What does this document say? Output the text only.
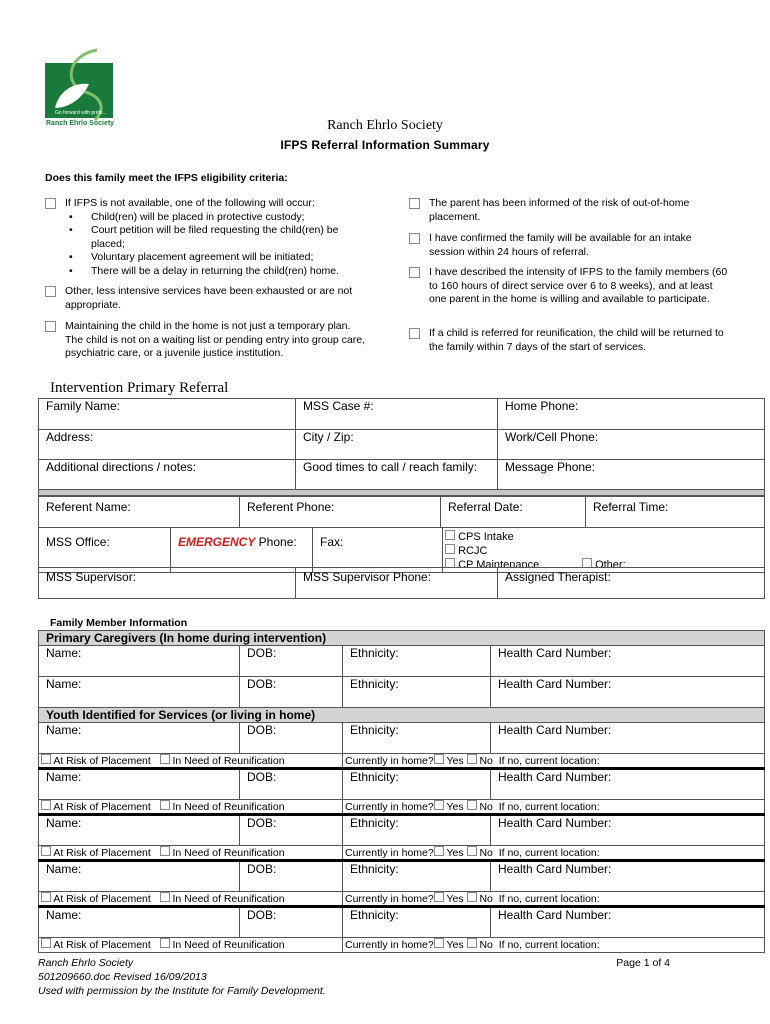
Go forward with pride...
Ranch Ehrlo Society	Ranch Ehrlo Society
IFPS Referral Information Summary
Does this family meet the IFPS eligibility criteria:
If IFPS is not available, one of the following will occur:
• Child(ren) will be placed in protective custody;
• Court petition will be filed requesting the child(ren) be placed;
• Voluntary placement agreement will be initiated;
• There will be a delay in returning the child(ren) home.
Other, less intensive services have been exhausted or are not appropriate.
Maintaining the child in the home is not just a temporary plan. The child is not on a waiting list or pending entry into group care, psychiatric care, or a juvenile justice institution.
The parent has been informed of the risk of out-of-home placement.
I have confirmed the family will be available for an intake session within 24 hours of referral.
I have described the intensity of IFPS to the family members (60 to 160 hours of direct service over 6 to 8 weeks), and at least one parent in the home is willing and available to participate.
If a child is referred for reunification, the child will be returned to the family within 7 days of the start of services.
Intervention Primary Referral
Family Name:	MSS Case #:	Home Phone:
Address:	City / Zip:	Work/Cell Phone:
Additional directions / notes:	Good times to call / reach family:	Message Phone:

Referent Name:	Referent Phone:	Referral Date:	Referral Time:
MSS Office:	EMERGENCY Phone:	Fax:	CPS Intake
RCJC
CP Maintenance	Other:
MSS Supervisor:	MSS Supervisor Phone:	Assigned Therapist:
Family Member Information
Primary Caregivers (In home during intervention)			
Name:	DOB:	Ethnicity:	Health Card Number:
Name:	DOB:	Ethnicity:	Health Card Number:
Youth Identified for Services (or living in home)			
Name:	DOB:	Ethnicity:	Health Card Number:
At Risk of Placement In Need of Reunification		Currently in home? Yes No If no, current location:	
Name:	DOB:	Ethnicity:	Health Card Number:
At Risk of Placement In Need of Reunification		Currently in home? Yes No If no, current location:	
Name:	DOB:	Ethnicity:	Health Card Number:
At Risk of Placement In Need of Reunification		Currently in home? Yes No If no, current location:	
Name:	DOB:	Ethnicity:	Health Card Number:
At Risk of Placement In Need of Reunification		Currently in home? Yes No If no, current location:	
Name:	DOB:	Ethnicity:	Health Card Number:
At Risk of Placement In Need of Reunification		Currently in home? Yes No If no, current location:	
Ranch Ehrlo Society
501209660.doc Revised 16/09/2013
Used with permission by the Institute for Family Development.
Page 1 of 4
